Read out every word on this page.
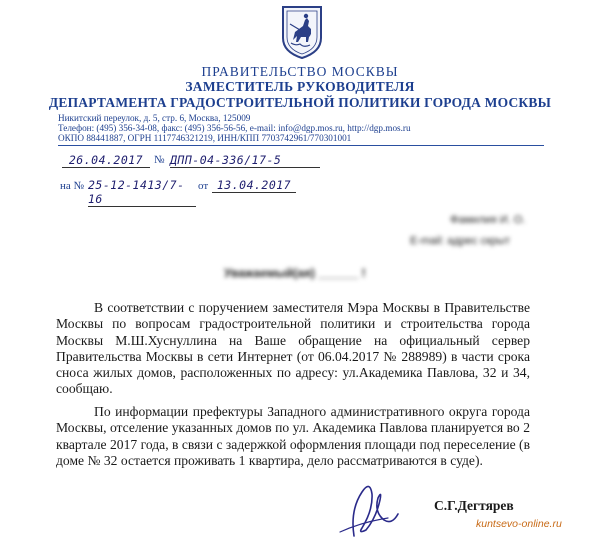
ПРАВИТЕЛЬСТВО МОСКВЫ
ЗАМЕСТИТЕЛЬ РУКОВОДИТЕЛЯ
ДЕПАРТАМЕНТА ГРАДОСТРОИТЕЛЬНОЙ ПОЛИТИКИ ГОРОДА МОСКВЫ
Никитский переулок, д. 5, стр. 6, Москва, 125009
Телефон: (495) 356-34-08, факс: (495) 356-56-56, e-mail: info@dgp.mos.ru, http://dgp.mos.ru
ОКПО 88441887, ОГРН 1117746321219, ИНН/КПП 7703742961/770301001
26.04.2017 № ДПП-04-336/17-5
на № 25-12-1413/7-16
от 13.04.2017
Фамилия И. О.
E-mail: адрес скрыт
Уважаемый(ая) ______ !
В соответствии с поручением заместителя Мэра Москвы в Правительстве Москвы по вопросам градостроительной политики и строительства города Москвы М.Ш.Хуснуллина на Ваше обращение на официальный сервер Правительства Москвы в сети Интернет (от 06.04.2017 № 288989) в части срока сноса жилых домов, расположенных по адресу: ул.Академика Павлова, 32 и 34, сообщаю.
По информации префектуры Западного административного округа города Москвы, отселение указанных домов по ул. Академика Павлова планируется во 2 квартале 2017 года, в связи с задержкой оформления площади под переселение (в доме № 32 остается проживать 1 квартира, дело рассматриваются в суде).
С.Г.Дегтярев
kuntsevo-online.ru
